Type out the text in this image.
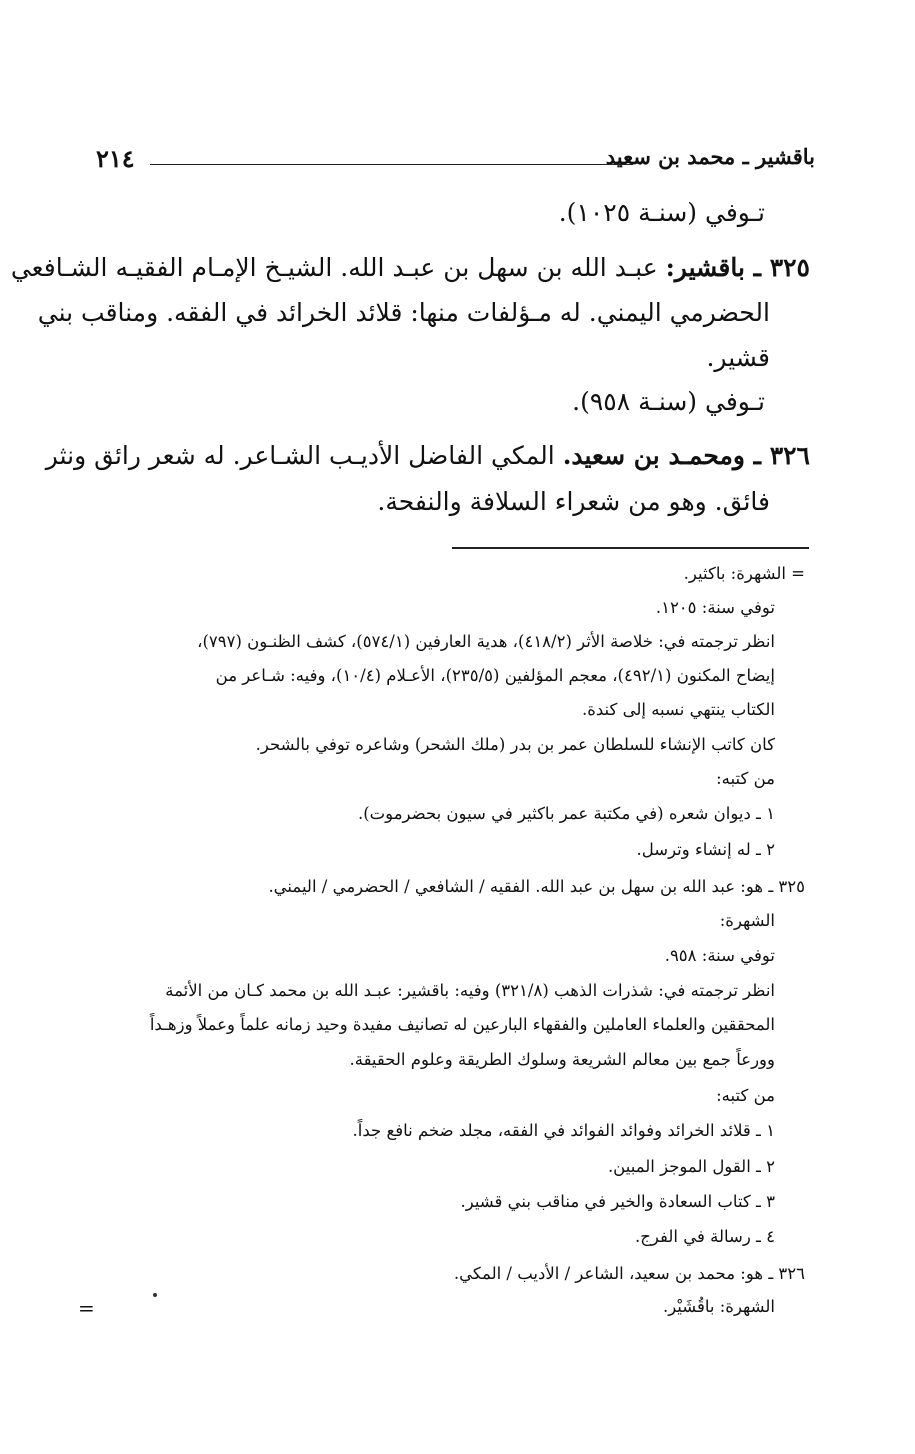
باقشير ـ محمد بن سعيد
٢١٤
تـوفي (سنـة ١٠٢٥).
٣٢٥ ـ باقشير: عبـد الله بن سهل بن عبـد الله. الشيـخ الإمـام الفقيـه الشـافعي
الحضرمي اليمني. له مـؤلفات منها: قلائد الخرائد في الفقه. ومناقب بني
قشير.
تـوفي (سنـة ٩٥٨).
٣٢٦ ـ ومحمـد بن سعيد. المكي الفاضل الأديـب الشـاعر. له شعر رائق ونثر
فائق. وهو من شعراء السلافة والنفحة.
= الشهرة: باكثير.
توفي سنة: ١٢٠٥.
انظر ترجمته في: خلاصة الأثر (٤١٨/٢)، هدية العارفين (٥٧٤/١)، كشف الظنـون (٧٩٧)،
إيضاح المكنون (٤٩٢/١)، معجم المؤلفين (٢٣٥/٥)، الأعـلام (١٠/٤)، وفيه: شـاعر من
الكتاب ينتهي نسبه إلى كندة.
كان كاتب الإنشاء للسلطان عمر بن بدر (ملك الشحر) وشاعره توفي بالشحر.
من كتبه:
١ ـ ديوان شعره (في مكتبة عمر باكثير في سيون بحضرموت).
٢ ـ له إنشاء وترسل.
٣٢٥ ـ هو: عبد الله بن سهل بن عبد الله. الفقيه / الشافعي / الحضرمي / اليمني.
الشهرة:
توفي سنة: ٩٥٨.
انظر ترجمته في: شذرات الذهب (٣٢١/٨) وفيه: باقشير: عبـد الله بن محمد كـان من الأئمة
المحققين والعلماء العاملين والفقهاء البارعين له تصانيف مفيدة وحيد زمانه علماً وعملاً وزهـداً
وورعاً جمع بين معالم الشريعة وسلوك الطريقة وعلوم الحقيقة.
من كتبه:
١ ـ قلائد الخرائد وفوائد الفوائد في الفقه، مجلد ضخم نافع جداً.
٢ ـ القول الموجز المبين.
٣ ـ كتاب السعادة والخير في مناقب بني قشير.
٤ ـ رسالة في الفرج.
٣٢٦ ـ هو: محمد بن سعيد، الشاعر / الأديب / المكي.
الشهرة: باقُشَيْر.
=
